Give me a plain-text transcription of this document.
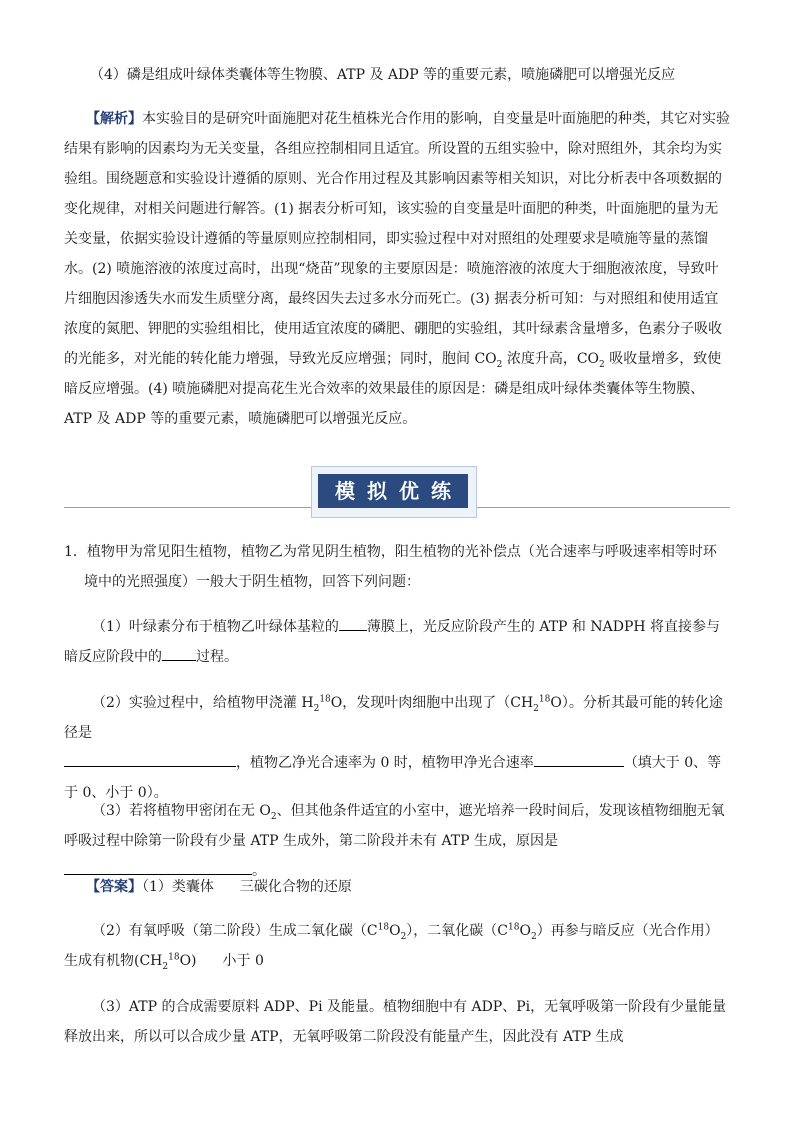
（4）磷是组成叶绿体类囊体等生物膜、ATP 及 ADP 等的重要元素，喷施磷肥可以增强光反应

【解析】本实验目的是研究叶面施肥对花生植株光合作用的影响，自变量是叶面施肥的种类，其它对实验结果有影响的因素均为无关变量，各组应控制相同且适宜。所设置的五组实验中，除对照组外，其余均为实验组。围绕题意和实验设计遵循的原则、光合作用过程及其影响因素等相关知识，对比分析表中各项数据的变化规律，对相关问题进行解答。(1) 据表分析可知，该实验的自变量是叶面肥的种类，叶面施肥的量为无关变量，依据实验设计遵循的等量原则应控制相同，即实验过程中对对照组的处理要求是喷施等量的蒸馏水。(2) 喷施溶液的浓度过高时，出现“烧苗”现象的主要原因是：喷施溶液的浓度大于细胞液浓度，导致叶片细胞因渗透失水而发生质壁分离，最终因失去过多水分而死亡。(3) 据表分析可知：与对照组和使用适宜浓度的氮肥、钾肥的实验组相比，使用适宜浓度的磷肥、硼肥的实验组，其叶绿素含量增多，色素分子吸收的光能多，对光能的转化能力增强，导致光反应增强；同时，胞间 $CO_2$ 浓度升高，$CO_2$ 吸收量增多，致使暗反应增强。(4) 喷施磷肥对提高花生光合效率的效果最佳的原因是：磷是组成叶绿体类囊体等生物膜、ATP 及 ADP 等的重要元素，喷施磷肥可以增强光反应。

模拟优练

1．植物甲为常见阳生植物，植物乙为常见阴生植物，阳生植物的光补偿点（光合速率与呼吸速率相等时环境中的光照强度）一般大于阴生植物，回答下列问题：

（1）叶绿素分布于植物乙叶绿体基粒的 薄膜上，光反应阶段产生的 ATP 和 NADPH 将直接参与暗反应阶段中的 过程。

（2）实验过程中，给植物甲浇灌 $H_2^{18}O$，发现叶肉细胞中出现了$(CH_2^{18}O)$。分析其最可能的转化途径是
，植物乙净光合速率为 0 时，植物甲净光合速率	（填大于 0、等于 0、小于 0）。

（3）若将植物甲密闭在无 $O_2$、但其他条件适宜的小室中，遮光培养一段时间后，发现该植物细胞无氧呼吸过程中除第一阶段有少量 ATP 生成外，第二阶段并未有 ATP 生成，原因是。

【答案】（1）类囊体 三碳化合物的还原

（2）有氧呼吸（第二阶段）生成二氧化碳$(C^{18}O_2)$，二氧化碳$(C^{18}O_2)$再参与暗反应（光合作用）生成有机物$(CH_2^{18}O)$ 小于 0

（3）ATP 的合成需要原料 ADP、Pi 及能量。植物细胞中有 ADP、Pi，无氧呼吸第一阶段有少量能量释放出来，所以可以合成少量 ATP，无氧呼吸第二阶段没有能量产生，因此没有 ATP 生成
